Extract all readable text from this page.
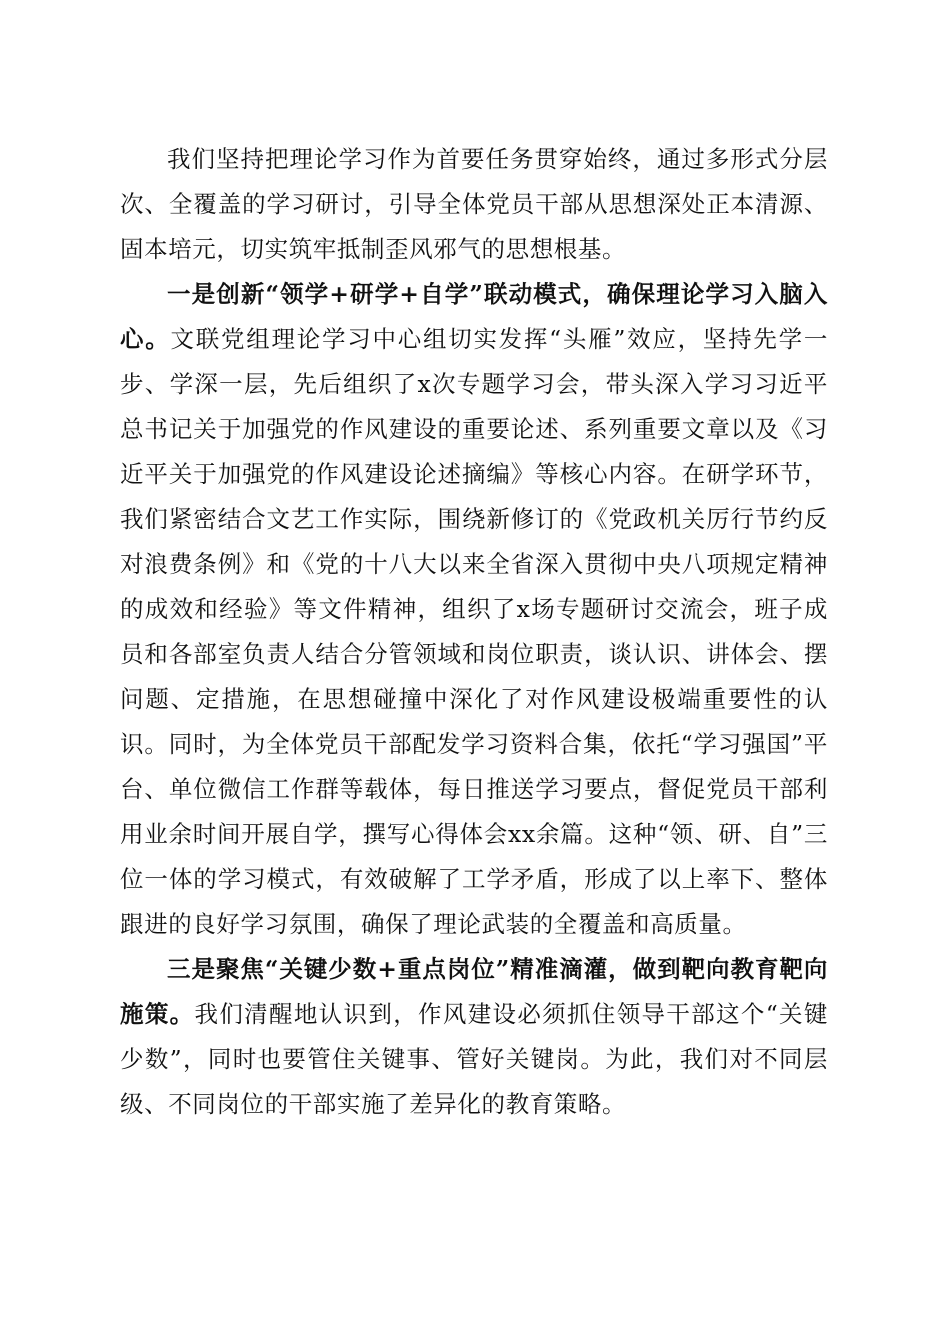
我们坚持把理论学习作为首要任务贯穿始终，通过多形式分层次、全覆盖的学习研讨，引导全体党员干部从思想深处正本清源、固本培元，切实筑牢抵制歪风邪气的思想根基。

一是创新“领学+研学+自学”联动模式，确保理论学习入脑入心。文联党组理论学习中心组切实发挥“头雁”效应，坚持先学一步、学深一层，先后组织了x次专题学习会，带头深入学习习近平总书记关于加强党的作风建设的重要论述、系列重要文章以及《习近平关于加强党的作风建设论述摘编》等核心内容。在研学环节，我们紧密结合文艺工作实际，围绕新修订的《党政机关厉行节约反对浪费条例》和《党的十八大以来全省深入贯彻中央八项规定精神的成效和经验》等文件精神，组织了x场专题研讨交流会，班子成员和各部室负责人结合分管领域和岗位职责，谈认识、讲体会、摆问题、定措施，在思想碰撞中深化了对作风建设极端重要性的认识。同时，为全体党员干部配发学习资料合集，依托“学习强国”平台、单位微信工作群等载体，每日推送学习要点，督促党员干部利用业余时间开展自学，撰写心得体会xx余篇。这种“领、研、自”三位一体的学习模式，有效破解了工学矛盾，形成了以上率下、整体跟进的良好学习氛围，确保了理论武装的全覆盖和高质量。

三是聚焦“关键少数+重点岗位”精准滴灌，做到靶向教育靶向施策。我们清醒地认识到，作风建设必须抓住领导干部这个“关键少数”，同时也要管住关键事、管好关键岗。为此，我们对不同层级、不同岗位的干部实施了差异化的教育策略。
